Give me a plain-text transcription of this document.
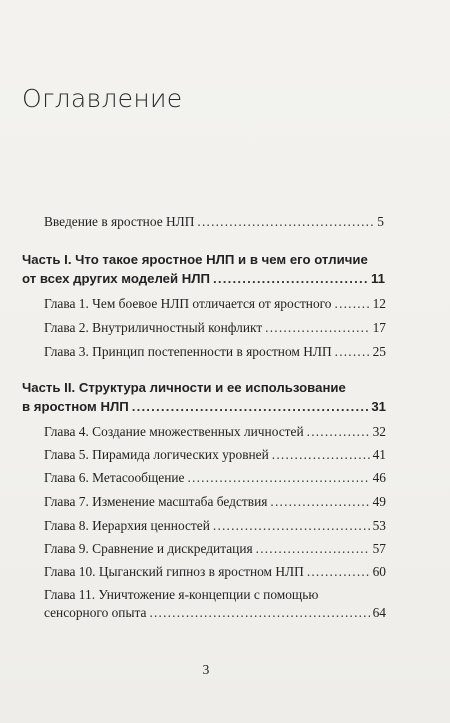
Оглавление
Введение в яростное НЛП .....	5
Часть I. Что такое яростное НЛП и в чем его отличие
от всех других моделей НЛП .....	11
Глава 1. Чем боевое НЛП отличается от яростного .....	12
Глава 2. Внутриличностный конфликт .....	17
Глава 3. Принцип постепенности в яростном НЛП .....	25
Часть II. Структура личности и ее использование
в яростном НЛП .....	31
Глава 4. Создание множественных личностей .....	32
Глава 5. Пирамида логических уровней .....	41
Глава 6. Метасообщение .....	46
Глава 7. Изменение масштаба бедствия .....	49
Глава 8. Иерархия ценностей .....	53
Глава 9. Сравнение и дискредитация .....	57
Глава 10. Цыганский гипноз в яростном НЛП .....	60
Глава 11. Уничтожение я-концепции с помощью
сенсорного опыта .....	64
3
